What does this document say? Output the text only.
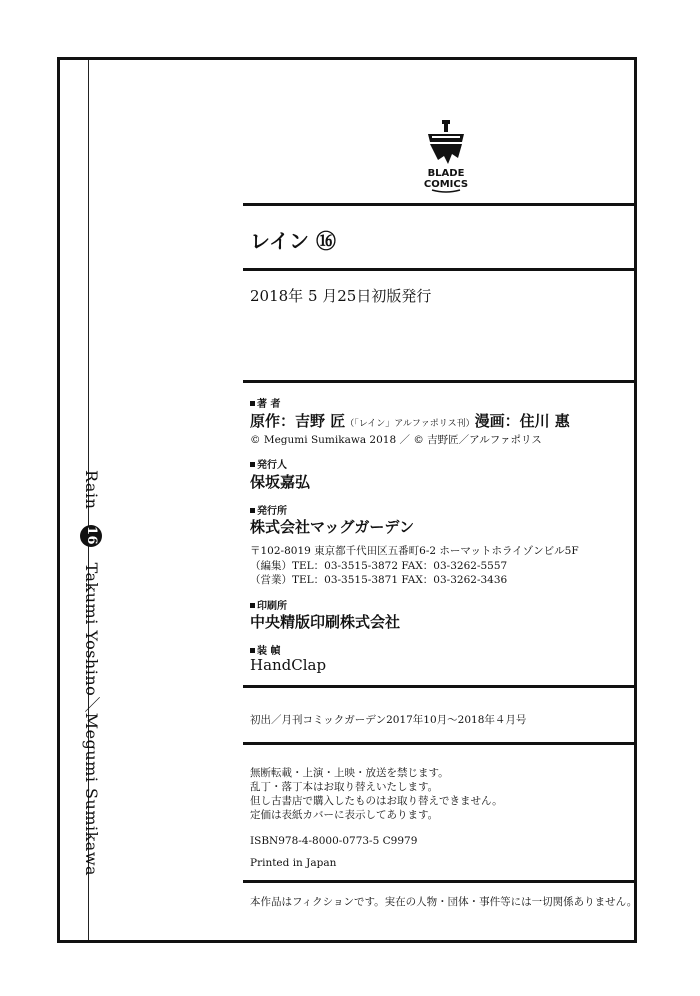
Rain 16 Takumi Yoshino／Megumi Sumikawa
BLADE
COMICS
レイン ⑯
2018年 5 月25日初版発行
著 者
原作：吉野 匠（「レイン」アルファポリス刊）漫画：住川 惠
© Megumi Sumikawa 2018 ／ © 吉野匠／アルファポリス
発行人
保坂嘉弘
発行所
株式会社マッグガーデン
〒102-8019 東京都千代田区五番町6-2 ホーマットホライゾンビル5F
（編集）TEL：03-3515-3872 FAX：03-3262-5557
（営業）TEL：03-3515-3871 FAX：03-3262-3436
印刷所
中央精版印刷株式会社
装 幀
HandClap
初出／月刊コミックガーデン2017年10月〜2018年４月号
無断転載・上演・上映・放送を禁じます。
乱丁・落丁本はお取り替えいたします。
但し古書店で購入したものはお取り替えできません。
定価は表紙カバーに表示してあります。
ISBN978-4-8000-0773-5 C9979
Printed in Japan
本作品はフィクションです。実在の人物・団体・事件等には一切関係ありません。
